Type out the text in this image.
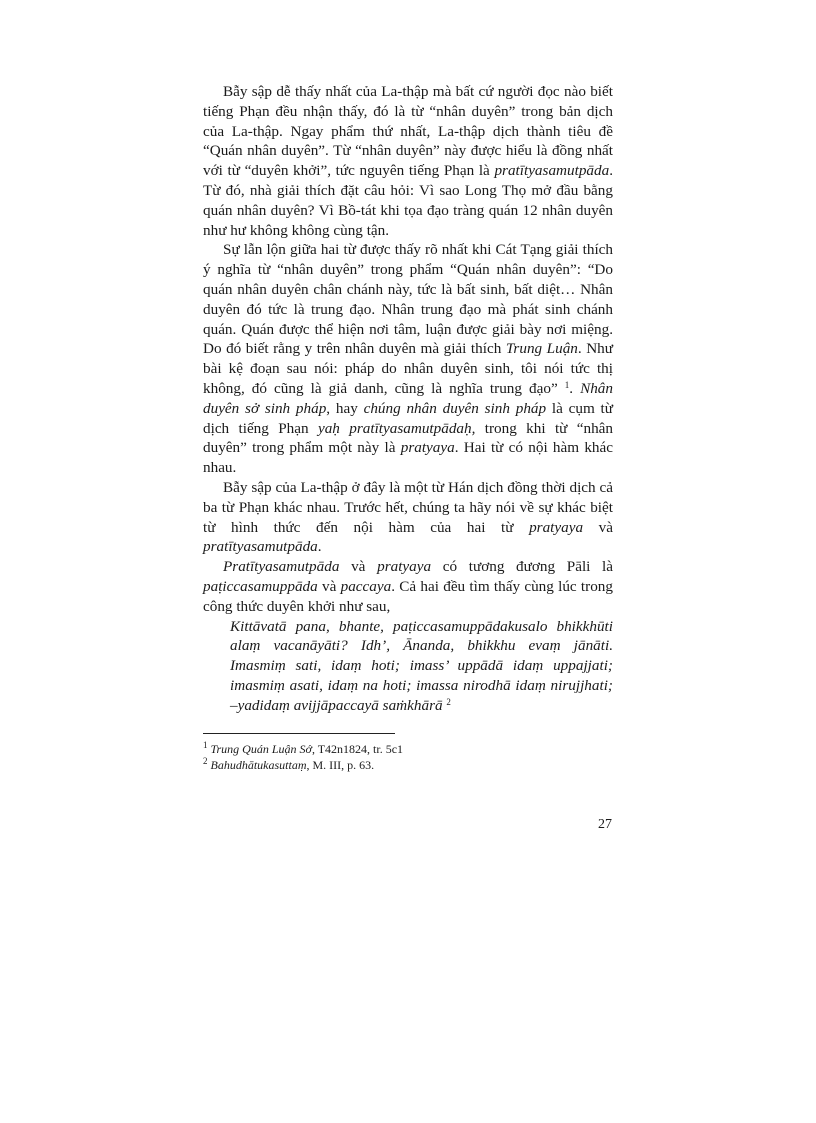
Bẫy sập dễ thấy nhất của La-thập mà bất cứ người đọc nào biết tiếng Phạn đều nhận thấy, đó là từ “nhân duyên” trong bản dịch của La-thập. Ngay phẩm thứ nhất, La-thập dịch thành tiêu đề “Quán nhân duyên”. Từ “nhân duyên” này được hiểu là đồng nhất với từ “duyên khởi”, tức nguyên tiếng Phạn là pratītyasamutpāda. Từ đó, nhà giải thích đặt câu hỏi: Vì sao Long Thọ mở đầu bằng quán nhân duyên? Vì Bồ-tát khi tọa đạo tràng quán 12 nhân duyên như hư không không cùng tận.

Sự lẫn lộn giữa hai từ được thấy rõ nhất khi Cát Tạng giải thích ý nghĩa từ “nhân duyên” trong phẩm “Quán nhân duyên”: “Do quán nhân duyên chân chánh này, tức là bất sinh, bất diệt… Nhân duyên đó tức là trung đạo. Nhân trung đạo mà phát sinh chánh quán. Quán được thể hiện nơi tâm, luận được giải bày nơi miệng. Do đó biết rằng y trên nhân duyên mà giải thích Trung Luận. Như bài kệ đoạn sau nói: pháp do nhân duyên sinh, tôi nói tức thị không, đó cũng là giả danh, cũng là nghĩa trung đạo” $^1$. Nhân duyên sở sinh pháp, hay chúng nhân duyên sinh pháp là cụm từ dịch tiếng Phạn yaḥ pratītyasamutpādaḥ, trong khi từ “nhân duyên” trong phẩm một này là pratyaya. Hai từ có nội hàm khác nhau.

Bẫy sập của La-thập ở đây là một từ Hán dịch đồng thời dịch cả ba từ Phạn khác nhau. Trước hết, chúng ta hãy nói về sự khác biệt từ hình thức đến nội hàm của hai từ pratyaya và pratītyasamutpāda.

Pratītyasamutpāda và pratyaya có tương đương Pāli là paṭiccasamuppāda và paccaya. Cả hai đều tìm thấy cùng lúc trong công thức duyên khởi như sau,

Kittāvatā pana, bhante, paṭiccasamuppādakusalo bhikkhūti alaṃ vacanāyāti? Idh’, Ānanda, bhikkhu evaṃ jānāti. Imasmiṃ sati, idaṃ hoti; imass’ uppādā idaṃ uppajjati; imasmiṃ asati, idaṃ na hoti; imassa nirodhā idaṃ nirujjhati; –yadidaṃ avijjāpaccayā saṁkhārā $^2$

$^1$ Trung Quán Luận Sớ, T42n1824, tr. 5c1

$^2$ Bahudhātukasuttaṃ, M. III, p. 63.

27
